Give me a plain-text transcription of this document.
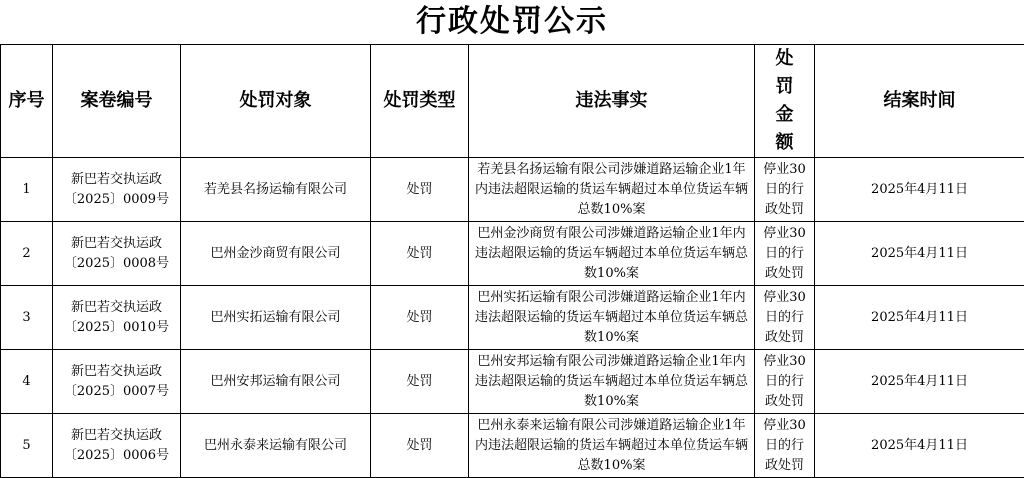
行政处罚公示
序号	案卷编号	处罚对象	处罚类型	违法事实	处罚金额	结案时间
1	新巴若交执运政〔2025〕0009号	若羌县名扬运输有限公司	处罚	若羌县名扬运输有限公司涉嫌道路运输企业1年内违法超限运输的货运车辆超过本单位货运车辆总数10%案	停业30日的行政处罚	2025年4月11日
2	新巴若交执运政〔2025〕0008号	巴州金沙商贸有限公司	处罚	巴州金沙商贸有限公司涉嫌道路运输企业1年内违法超限运输的货运车辆超过本单位货运车辆总数10%案	停业30日的行政处罚	2025年4月11日
3	新巴若交执运政〔2025〕0010号	巴州实拓运输有限公司	处罚	巴州实拓运输有限公司涉嫌道路运输企业1年内违法超限运输的货运车辆超过本单位货运车辆总数10%案	停业30日的行政处罚	2025年4月11日
4	新巴若交执运政〔2025〕0007号	巴州安邦运输有限公司	处罚	巴州安邦运输有限公司涉嫌道路运输企业1年内违法超限运输的货运车辆超过本单位货运车辆总数10%案	停业30日的行政处罚	2025年4月11日
5	新巴若交执运政〔2025〕0006号	巴州永泰来运输有限公司	处罚	巴州永泰来运输有限公司涉嫌道路运输企业1年内违法超限运输的货运车辆超过本单位货运车辆总数10%案	停业30日的行政处罚	2025年4月11日
